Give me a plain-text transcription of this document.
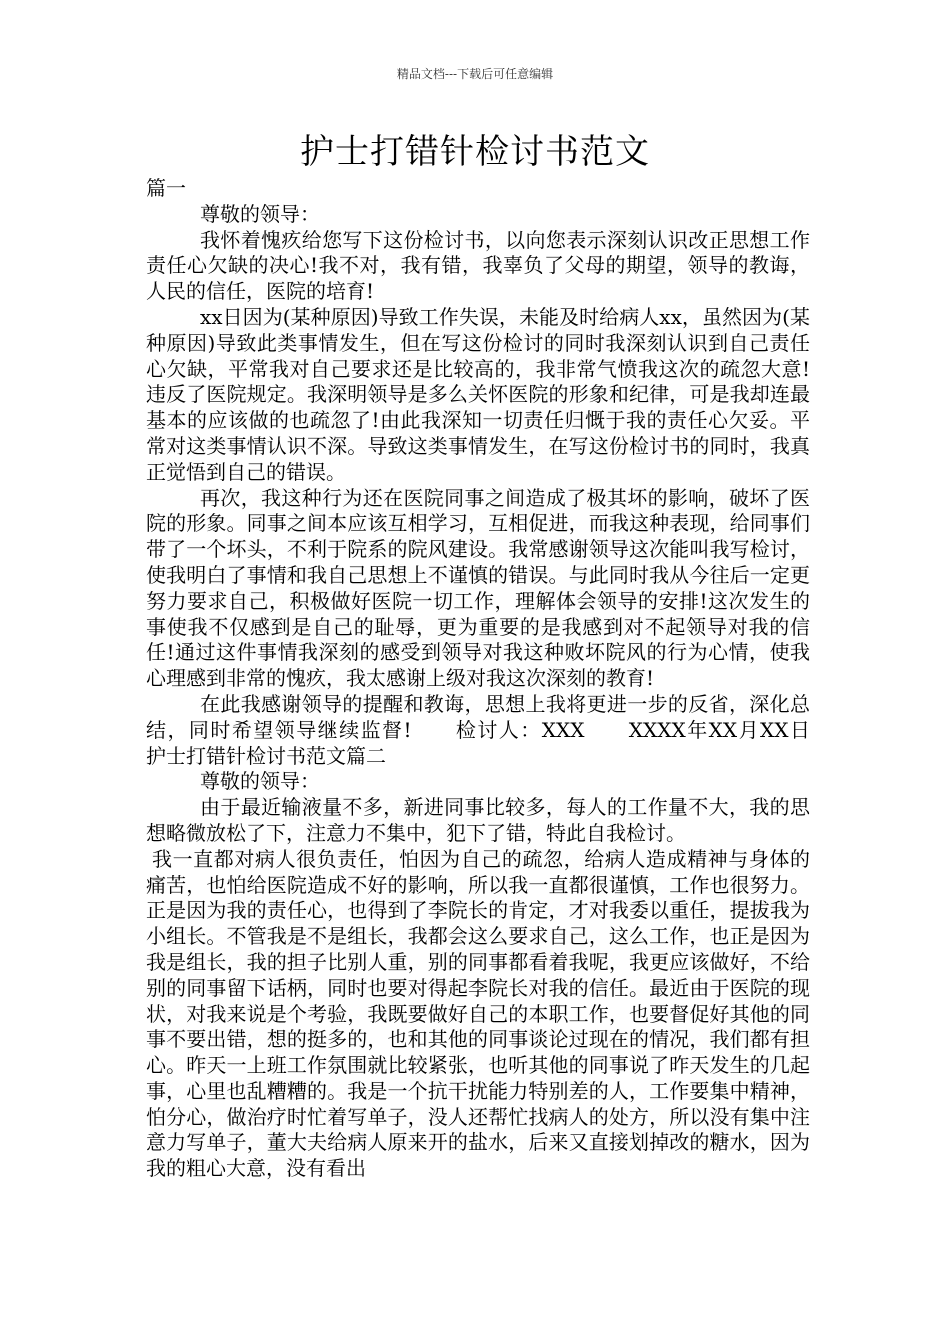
精品文档---下载后可任意编辑
护士打错针检讨书范文

篇一

尊敬的领导：

我怀着愧疚给您写下这份检讨书，以向您表示深刻认识改正思想工作责任心欠缺的决心!我不对，我有错，我辜负了父母的期望，领导的教诲，人民的信任，医院的培育!

xx日因为(某种原因)导致工作失误，未能及时给病人xx，虽然因为(某种原因)导致此类事情发生，但在写这份检讨的同时我深刻认识到自己责任心欠缺，平常我对自己要求还是比较高的，我非常气愤我这次的疏忽大意!违反了医院规定。我深明领导是多么关怀医院的形象和纪律，可是我却连最基本的应该做的也疏忽了!由此我深知一切责任归慨于我的责任心欠妥。平常对这类事情认识不深。导致这类事情发生，在写这份检讨书的同时，我真正觉悟到自己的错误。

再次，我这种行为还在医院同事之间造成了极其坏的影响，破坏了医院的形象。同事之间本应该互相学习，互相促进，而我这种表现，给同事们带了一个坏头，不利于院系的院风建设。我常感谢领导这次能叫我写检讨，使我明白了事情和我自己思想上不谨慎的错误。与此同时我从今往后一定更努力要求自己，积极做好医院一切工作，理解体会领导的安排!这次发生的事使我不仅感到是自己的耻辱，更为重要的是我感到对不起领导对我的信任!通过这件事情我深刻的感受到领导对我这种败坏院风的行为心情，使我心理感到非常的愧疚，我太感谢上级对我这次深刻的教育!

在此我感谢领导的提醒和教诲，思想上我将更进一步的反省，深化总结，同时希望领导继续监督!　　检讨人：XXX　　XXXX年XX月XX日　　护士打错针检讨书范文篇二

尊敬的领导：

由于最近输液量不多，新进同事比较多，每人的工作量不大，我的思想略微放松了下，注意力不集中，犯下了错，特此自我检讨。

我一直都对病人很负责任，怕因为自己的疏忽，给病人造成精神与身体的痛苦，也怕给医院造成不好的影响，所以我一直都很谨慎，工作也很努力。正是因为我的责任心，也得到了李院长的肯定，才对我委以重任，提拔我为小组长。不管我是不是组长，我都会这么要求自己，这么工作，也正是因为我是组长，我的担子比别人重，别的同事都看着我呢，我更应该做好，不给别的同事留下话柄，同时也要对得起李院长对我的信任。最近由于医院的现状，对我来说是个考验，我既要做好自己的本职工作，也要督促好其他的同事不要出错，想的挺多的，也和其他的同事谈论过现在的情况，我们都有担心。昨天一上班工作氛围就比较紧张，也听其他的同事说了昨天发生的几起事，心里也乱糟糟的。我是一个抗干扰能力特别差的人，工作要集中精神，怕分心，做治疗时忙着写单子，没人还帮忙找病人的处方，所以没有集中注意力写单子，董大夫给病人原来开的盐水，后来又直接划掉改的糖水，因为我的粗心大意，没有看出
